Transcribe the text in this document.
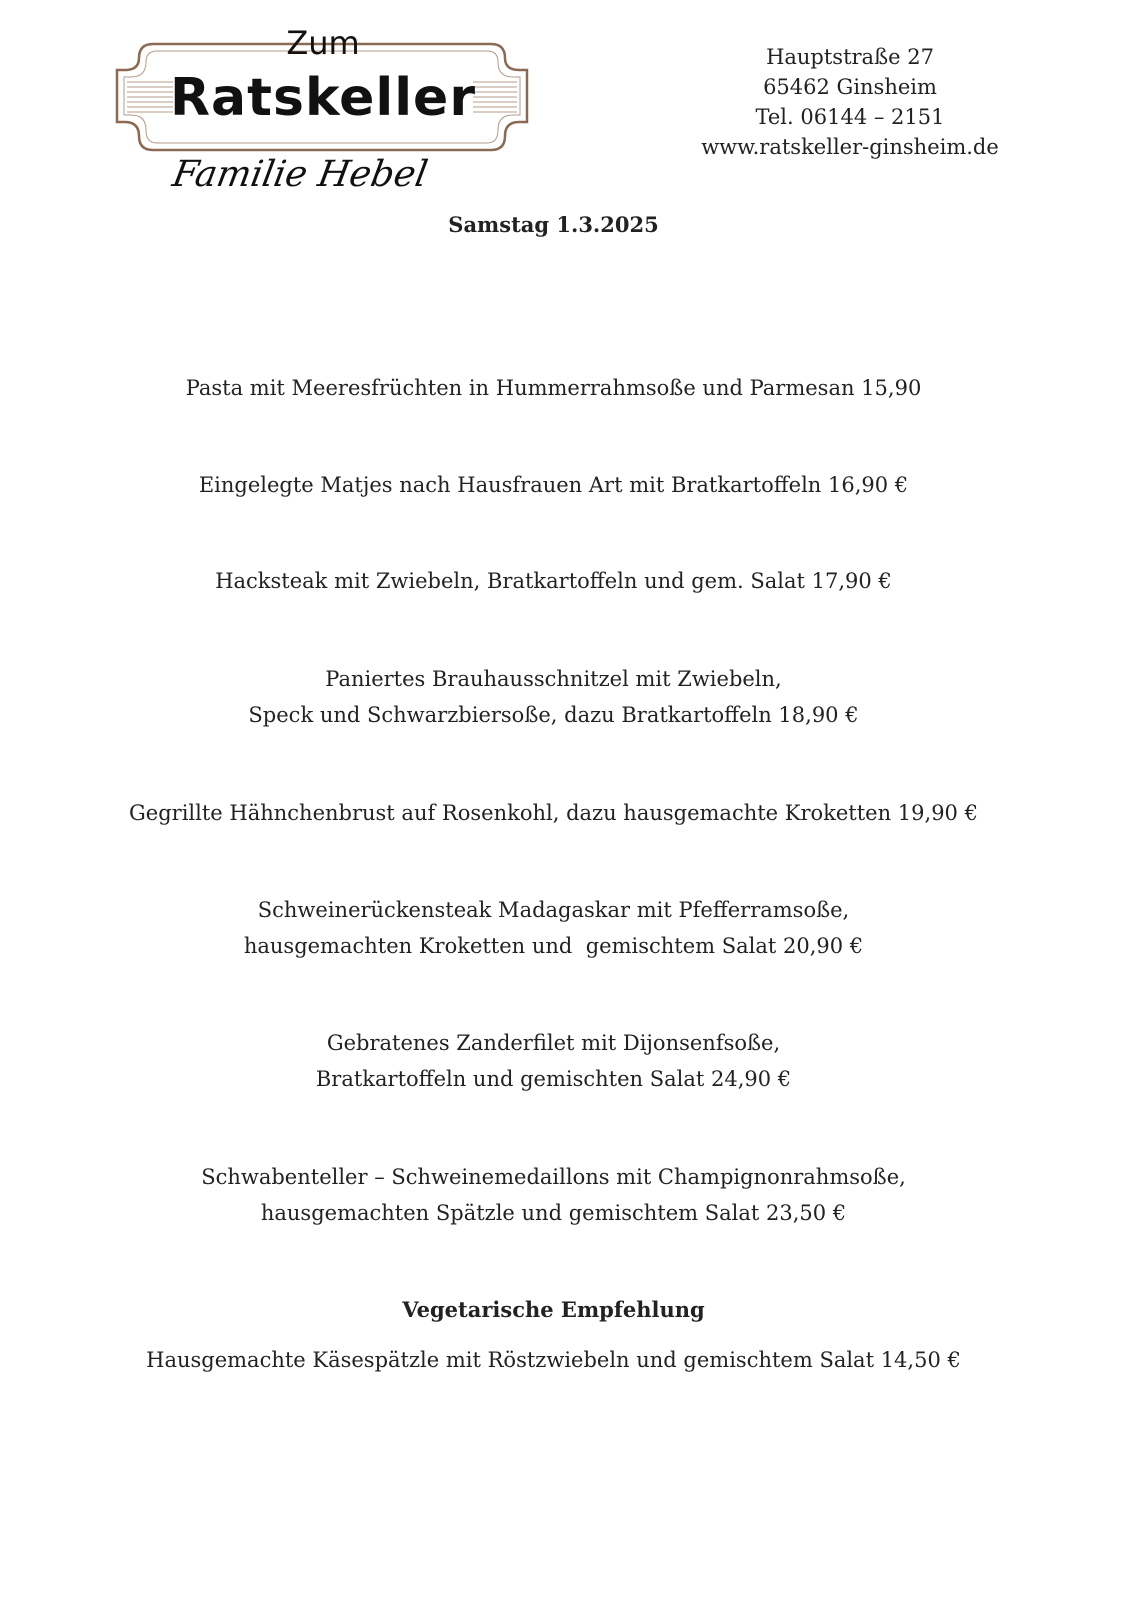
Zum
Ratskeller
Familie Hebel
Hauptstraße 27
65462 Ginsheim
Tel. 06144 – 2151
www.ratskeller-ginsheim.de
Samstag 1.3.2025
Pasta mit Meeresfrüchten in Hummerrahmsoße und Parmesan 15,90
Eingelegte Matjes nach Hausfrauen Art mit Bratkartoffeln 16,90 €
Hacksteak mit Zwiebeln, Bratkartoffeln und gem. Salat 17,90 €
Paniertes Brauhausschnitzel mit Zwiebeln,
Speck und Schwarzbiersoße, dazu Bratkartoffeln 18,90 €
Gegrillte Hähnchenbrust auf Rosenkohl, dazu hausgemachte Kroketten 19,90 €
Schweinerückensteak Madagaskar mit Pfefferramsoße,
hausgemachten Kroketten und  gemischtem Salat 20,90 €
Gebratenes Zanderfilet mit Dijonsenfsoße,
Bratkartoffeln und gemischten Salat 24,90 €
Schwabenteller – Schweinemedaillons mit Champignonrahmsoße,
hausgemachten Spätzle und gemischtem Salat 23,50 €
Vegetarische Empfehlung
Hausgemachte Käsespätzle mit Röstzwiebeln und gemischtem Salat 14,50 €
